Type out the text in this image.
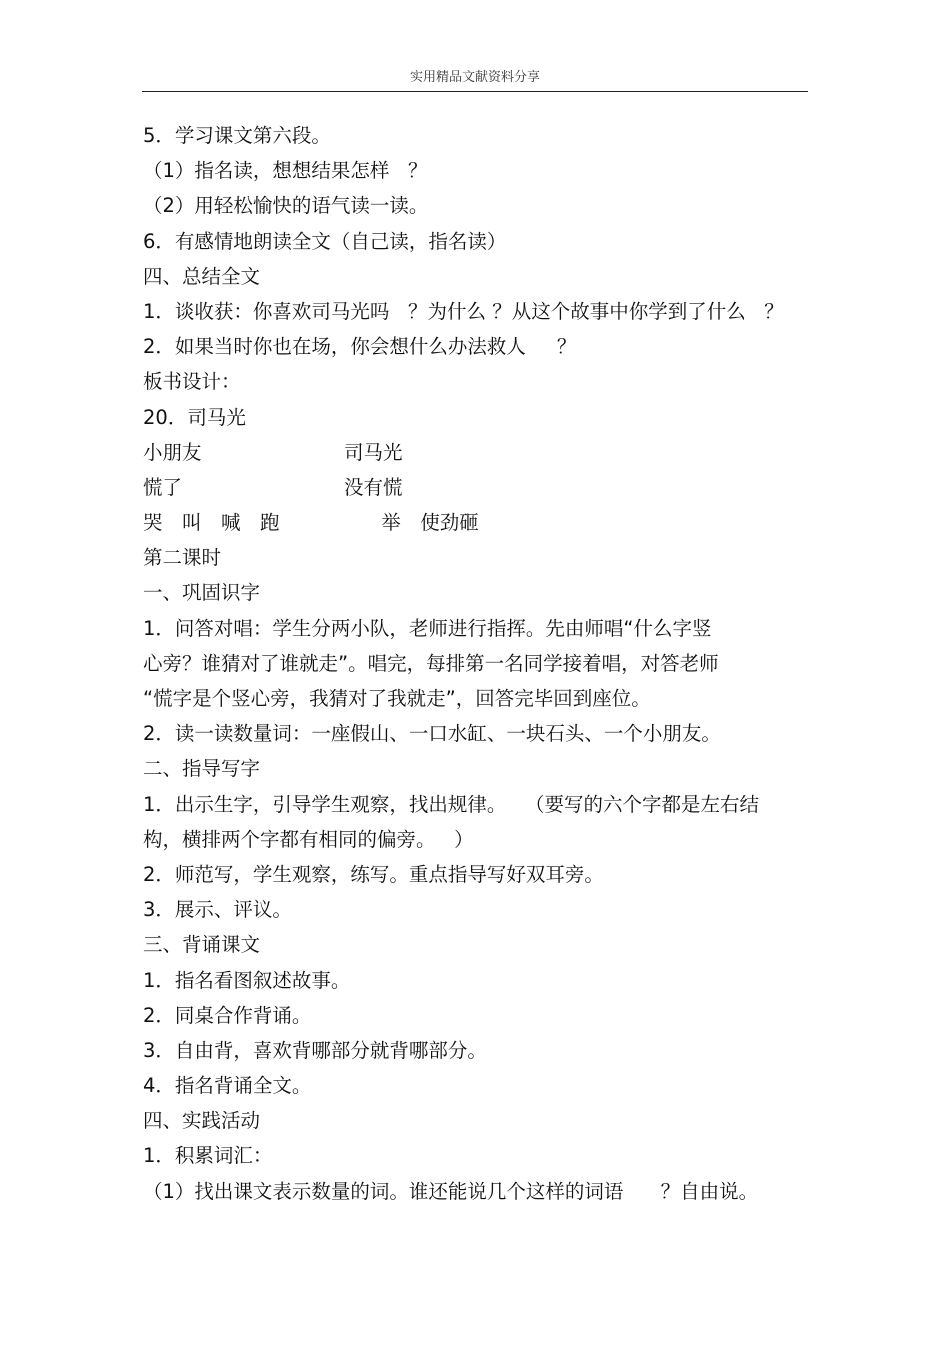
实用精品文献资料分享
5．学习课文第六段。
（1）指名读，想想结果怎样   ？
（2）用轻松愉快的语气读一读。
6．有感情地朗读全文（自己读，指名读）
四、总结全文
1．谈收获：你喜欢司马光吗   ？为什么 ？从这个故事中你学到了什么   ？
2．如果当时你也在场，你会想什么办法救人     ？
板书设计：
20．司马光
小朋友	司马光
慌了	没有慌
哭　叫　喊　跑	举　使劲砸
第二课时
一、巩固识字
1．问答对唱：学生分两小队，老师进行指挥。先由师唱“什么字竖
心旁？谁猜对了谁就走”。唱完，每排第一名同学接着唱，对答老师
“慌字是个竖心旁，我猜对了我就走”，回答完毕回到座位。
2．读一读数量词：一座假山、一口水缸、一块石头、一个小朋友。
二、指导写字
1．出示生字，引导学生观察，找出规律。   （要写的六个字都是左右结
构，横排两个字都有相同的偏旁。   ）
2．师范写，学生观察，练写。重点指导写好双耳旁。
3．展示、评议。
三、背诵课文
1．指名看图叙述故事。
2．同桌合作背诵。
3．自由背，喜欢背哪部分就背哪部分。
4．指名背诵全文。
四、实践活动
1．积累词汇：
（1）找出课文表示数量的词。谁还能说几个这样的词语      ？自由说。
